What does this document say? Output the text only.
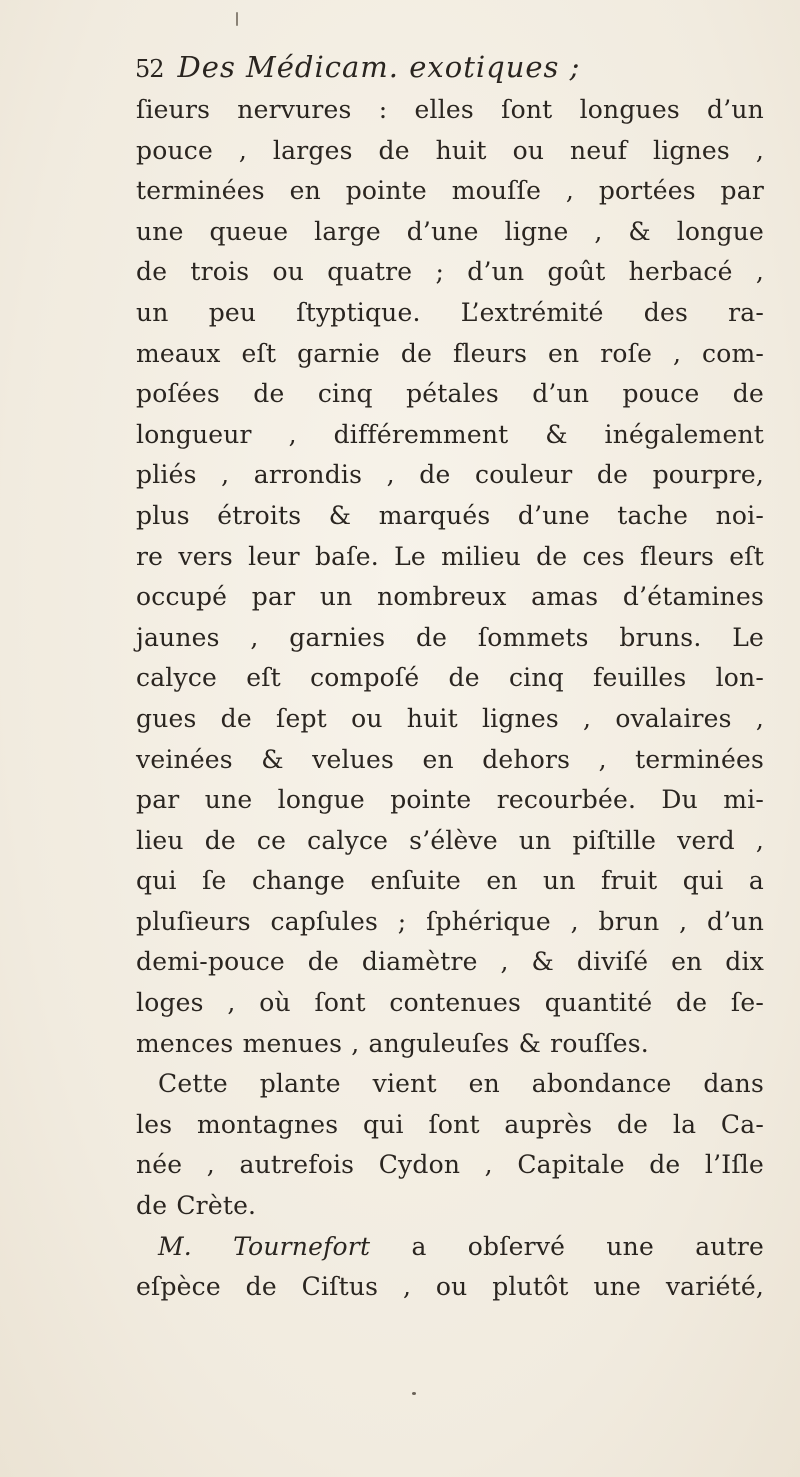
52 Des Médicam. exotiques ;
ſieurs nervures : elles ſont longues d’un
pouce , larges de huit ou neuf lignes ,
terminées en pointe mouſſe , portées par
une queue large d’une ligne , & longue
de trois ou quatre ; d’un goût herbacé ,
un peu ſtyptique. L’extrémité des ra-
meaux eſt garnie de fleurs en roſe , com-
poſées de cinq pétales d’un pouce de
longueur , différemment & inégalement
pliés , arrondis , de couleur de pourpre,
plus étroits & marqués d’une tache noi-
re vers leur baſe. Le milieu de ces fleurs eſt
occupé par un nombreux amas d’étamines
jaunes , garnies de ſommets bruns. Le
calyce eſt compoſé de cinq feuilles lon-
gues de ſept ou huit lignes , ovalaires ,
veinées & velues en dehors , terminées
par une longue pointe recourbée. Du mi-
lieu de ce calyce s’élève un piſtille verd ,
qui ſe change enſuite en un fruit qui a
pluſieurs capſules ; ſphérique , brun , d’un
demi-pouce de diamètre , & diviſé en dix
loges , où ſont contenues quantité de ſe-
mences menues , anguleuſes & rouſſes.
Cette plante vient en abondance dans
les montagnes qui ſont auprès de la Ca-
née , autrefois Cydon , Capitale de l’Iſle
de Crète.
M. Tournefort a obſervé une autre
eſpèce de Ciſtus , ou plutôt une variété,
